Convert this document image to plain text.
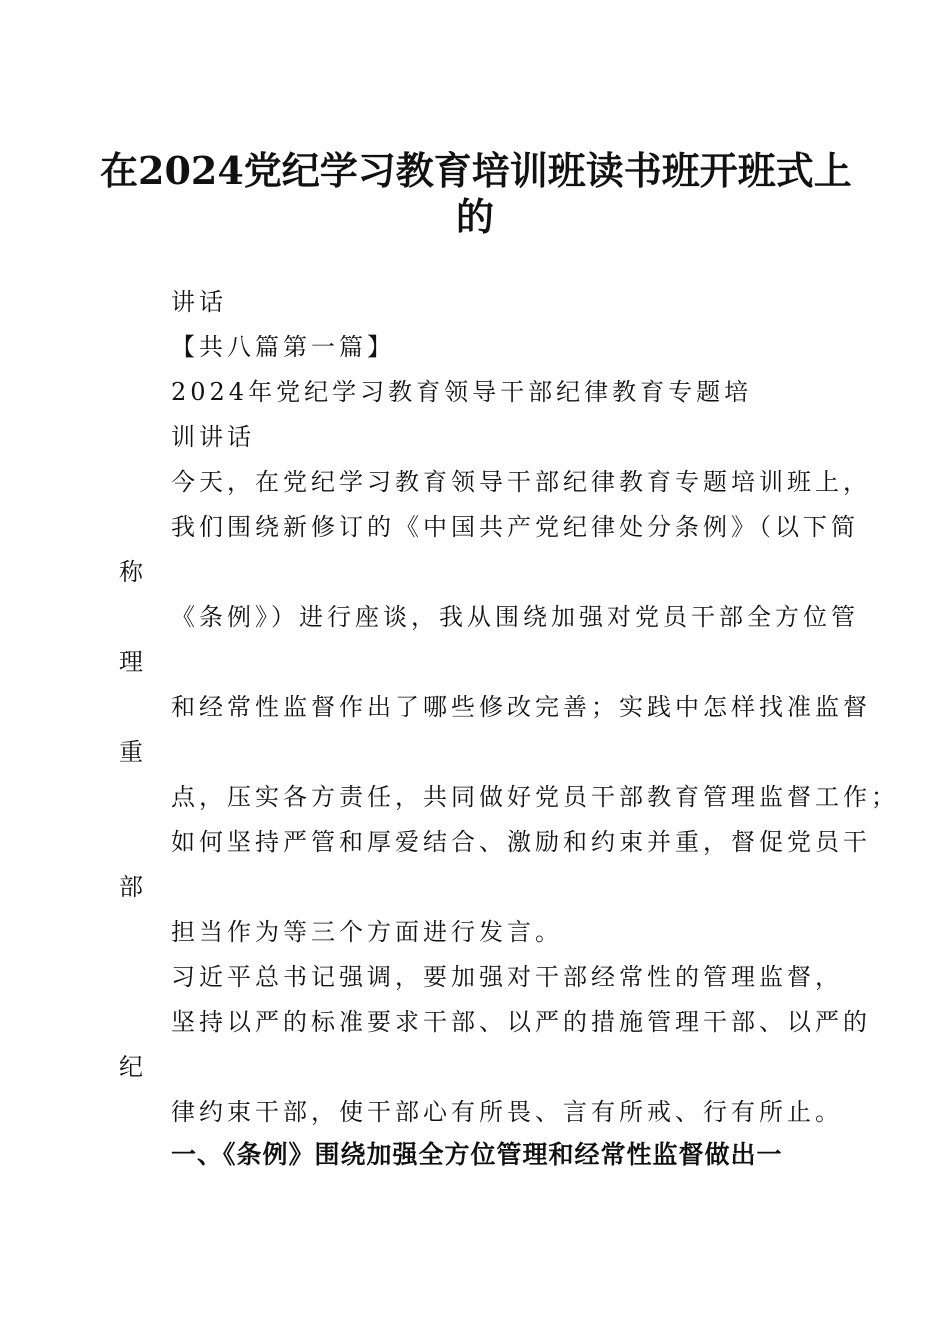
在2024党纪学习教育培训班读书班开班式上
的

讲话

【共八篇第一篇】

2024年党纪学习教育领导干部纪律教育专题培

训讲话

今天，在党纪学习教育领导干部纪律教育专题培训班上，

我们围绕新修订的《中国共产党纪律处分条例》（以下简

称

《条例》）进行座谈，我从围绕加强对党员干部全方位管

理

和经常性监督作出了哪些修改完善；实践中怎样找准监督

重

点，压实各方责任，共同做好党员干部教育管理监督工作；

如何坚持严管和厚爱结合、激励和约束并重，督促党员干

部

担当作为等三个方面进行发言。

习近平总书记强调，要加强对干部经常性的管理监督，

坚持以严的标准要求干部、以严的措施管理干部、以严的

纪

律约束干部，使干部心有所畏、言有所戒、行有所止。

一、《条例》围绕加强全方位管理和经常性监督做出一
